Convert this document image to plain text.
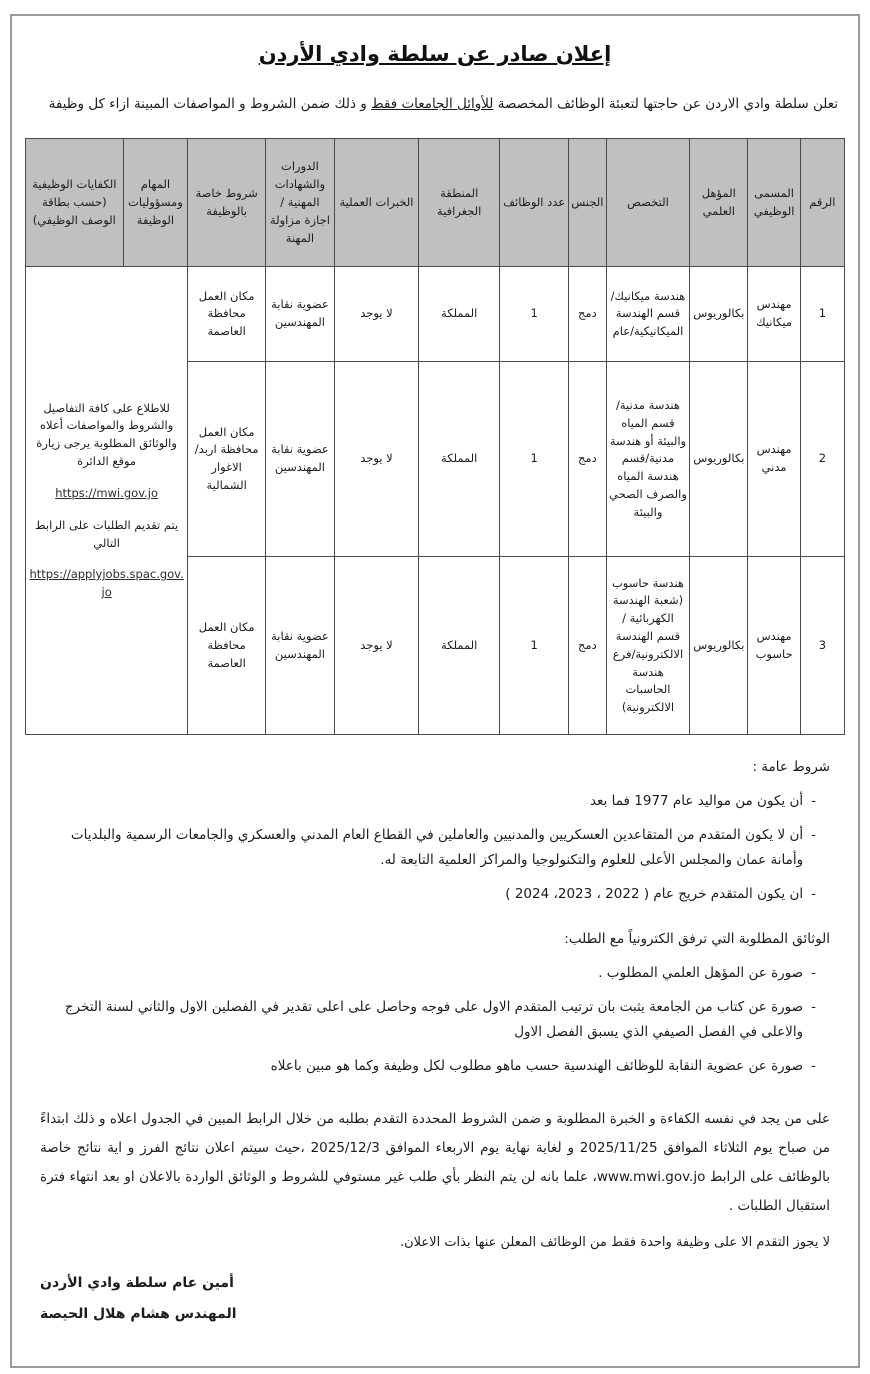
إعلان صادر عن سلطة وادي الأردن
تعلن سلطة وادي الاردن عن حاجتها لتعبئة الوظائف المخصصة للأوائل الجامعات فقط و ذلك ضمن الشروط و المواصفات المبينة ازاء كل وظيفة
الرقم	المسمى الوظيفي	المؤهل العلمي	التخصص	الجنس	عدد الوظائف	المنطقة الجغرافية	الخبرات العملية	الدورات والشهادات المهنية /اجازة مزاولة المهنة	شروط خاصة بالوظيفة	المهام ومسؤوليات الوظيفة	الكفايات الوظيفية (حسب بطاقة الوصف الوظيفي)
1	مهندس ميكانيك	بكالوريوس	هندسة ميكانيك/قسم الهندسة الميكانيكية/عام	دمج	1	المملكة	لا يوجد	عضوية نقابة المهندسين	مكان العمل محافظة العاصمة	للاطلاع على كافة التفاصيل والشروط والمواصفات أعلاه والوثائق المطلوبة يرجى زيارة موقع الدائرة
https://mwi.gov.jo
يتم تقديم الطلبات على الرابط التالي
https://applyjobs.spac.gov.jo	

2	مهندس مدني	بكالوريوس	هندسة مدنية/قسم المياه والبيئة أو هندسة مدنية/قسم هندسة المياه والصرف الصحي والبيئة	دمج	1	المملكة	لا يوجد	عضوية نقابة المهندسين	مكان العمل محافظة اربد/الاغوار الشمالية		
3	مهندس حاسوب	بكالوريوس	هندسة حاسوب (شعبة الهندسة الكهربائية / قسم الهندسة الالكترونية/فرع هندسة الحاسبات الالكترونية)	دمج	1	المملكة	لا يوجد	عضوية نقابة المهندسين	مكان العمل محافظة العاصمة		
شروط عامة :
-
أن يكون من مواليد عام 1977 فما بعد
-
أن لا يكون المتقدم من المتقاعدين العسكريين والمدنيين والعاملين في القطاع العام المدني والعسكري والجامعات الرسمية والبلديات وأمانة عمان والمجلس الأعلى للعلوم والتكنولوجيا والمراكز العلمية التابعة له.
-
ان يكون المتقدم خريج عام ( 2022 ، 2023، 2024 )
الوثائق المطلوبة التي ترفق الكترونياً مع الطلب:
-
صورة عن المؤهل العلمي المطلوب .
-
صورة عن كتاب من الجامعة يثبت بان ترتيب المتقدم الاول على فوجه وحاصل على اعلى تقدير في الفصلين الاول والثاني لسنة التخرج والاعلى في الفصل الصيفي الذي يسبق الفصل الاول
-
صورة عن عضوية النقابة للوظائف الهندسية حسب ماهو مطلوب لكل وظيفة وكما هو مبين باعلاه
على من يجد في نفسه الكفاءة و الخبرة المطلوبة و ضمن الشروط المحددة التقدم بطلبه من خلال الرابط المبين في الجدول اعلاه و ذلك ابتداءً من صباح يوم الثلاثاء الموافق 2025/11/25 و لغاية نهاية يوم الاربعاء الموافق 2025/12/3 ،حيث سيتم اعلان نتائج الفرز و اية نتائج خاصة بالوظائف على الرابط www.mwi.gov.jo، علما بانه لن يتم النظر بأي طلب غير مستوفي للشروط و الوثائق الواردة بالاعلان او بعد انتهاء فترة استقبال الطلبات .
لا يجوز التقدم الا على وظيفة واحدة فقط من الوظائف المعلن عنها بذات الاعلان.
أمين عام سلطة وادي الأردن
المهندس هشام هلال الحيصة
